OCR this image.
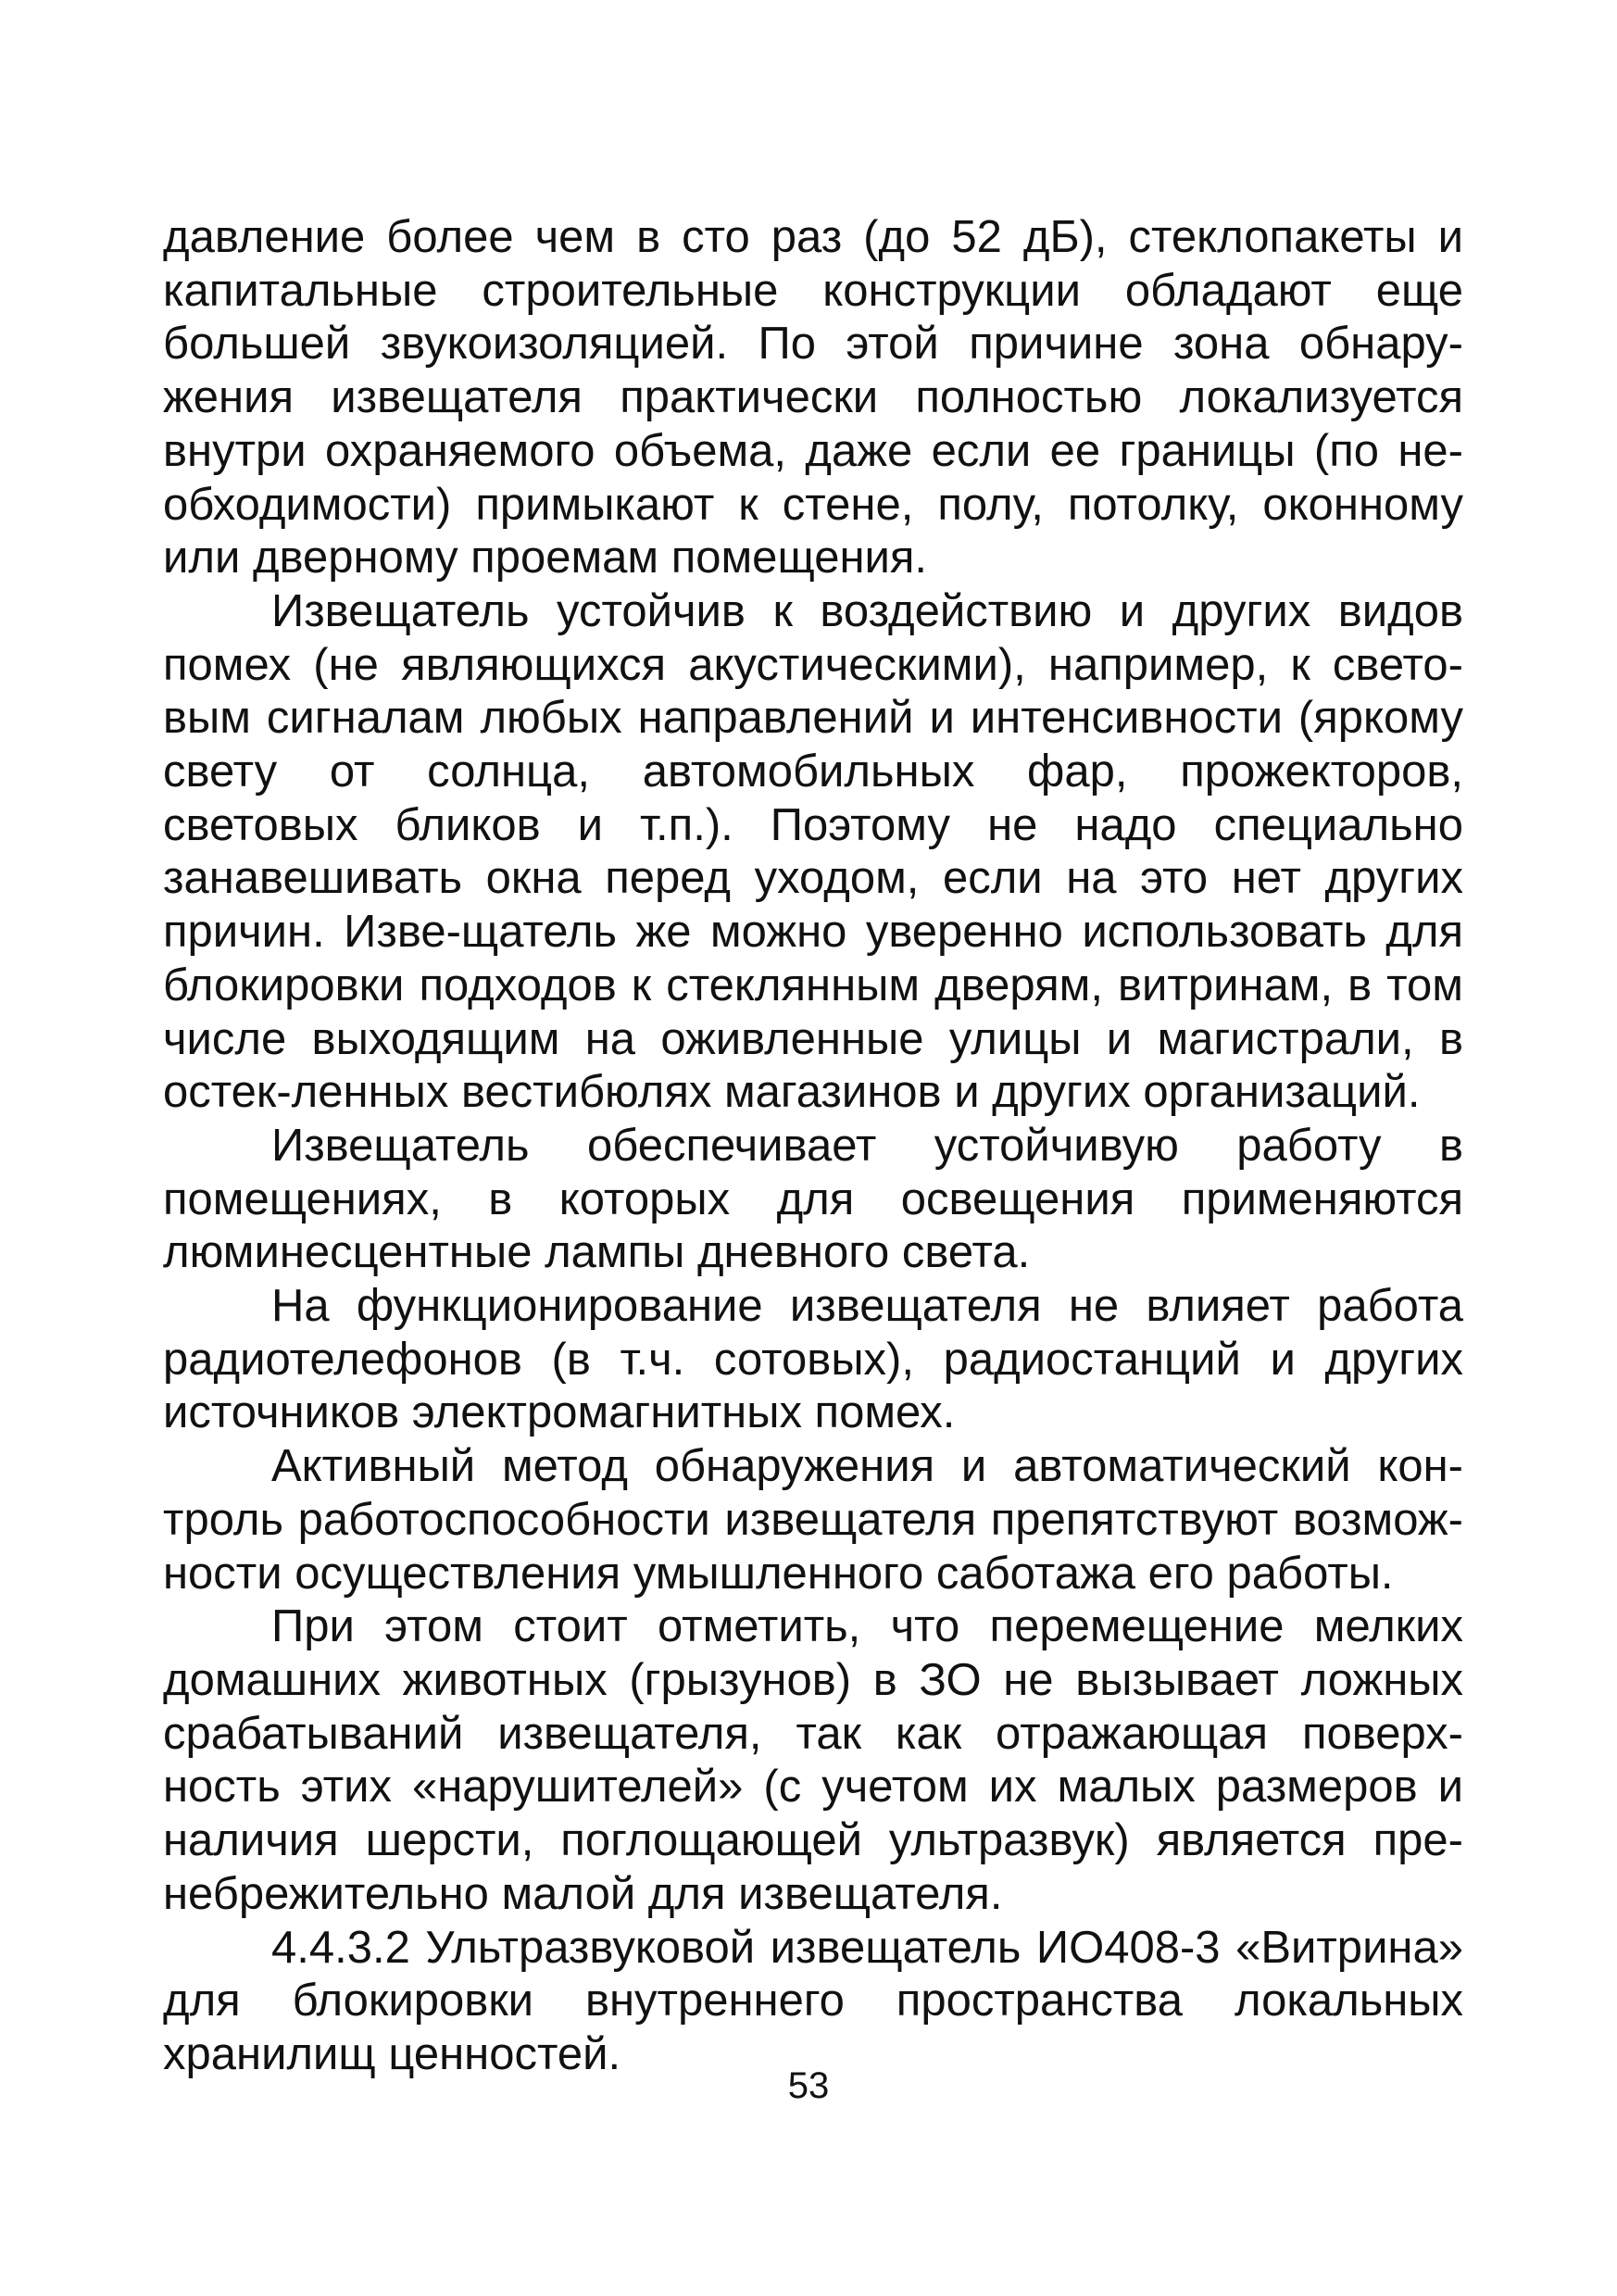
давление более чем в сто раз (до 52 дБ), стеклопакеты и капитальные строительные конструкции обладают еще большей звукоизоляцией. По этой причине зона обнару-жения извещателя практически полностью локализуется внутри охраняемого объема, даже если ее границы (по не-обходимости) примыкают к стене, полу, потолку, оконному или дверному проемам помещения.

Извещатель устойчив к воздействию и других видов помех (не являющихся акустическими), например, к свето-вым сигналам любых направлений и интенсивности (яркому свету от солнца, автомобильных фар, прожекторов, световых бликов и т.п.). Поэтому не надо специально занавешивать окна перед уходом, если на это нет других причин. Изве-щатель же можно уверенно использовать для блокировки подходов к стеклянным дверям, витринам, в том числе выходящим на оживленные улицы и магистрали, в остек-ленных вестибюлях магазинов и других организаций.

Извещатель обеспечивает устойчивую работу в помещениях, в которых для освещения применяются люминесцентные лампы дневного света.

На функционирование извещателя не влияет работа радиотелефонов (в т.ч. сотовых), радиостанций и других источников электромагнитных помех.

Активный метод обнаружения и автоматический кон-троль работоспособности извещателя препятствуют возмож-ности осуществления умышленного саботажа его работы.

При этом стоит отметить, что перемещение мелких домашних животных (грызунов) в ЗО не вызывает ложных срабатываний извещателя, так как отражающая поверх-ность этих «нарушителей» (с учетом их малых размеров и наличия шерсти, поглощающей ультразвук) является пре-небрежительно малой для извещателя.

4.4.3.2 Ультразвуковой извещатель ИО408-3 «Витрина» для блокировки внутреннего пространства локальных хранилищ ценностей.

53
